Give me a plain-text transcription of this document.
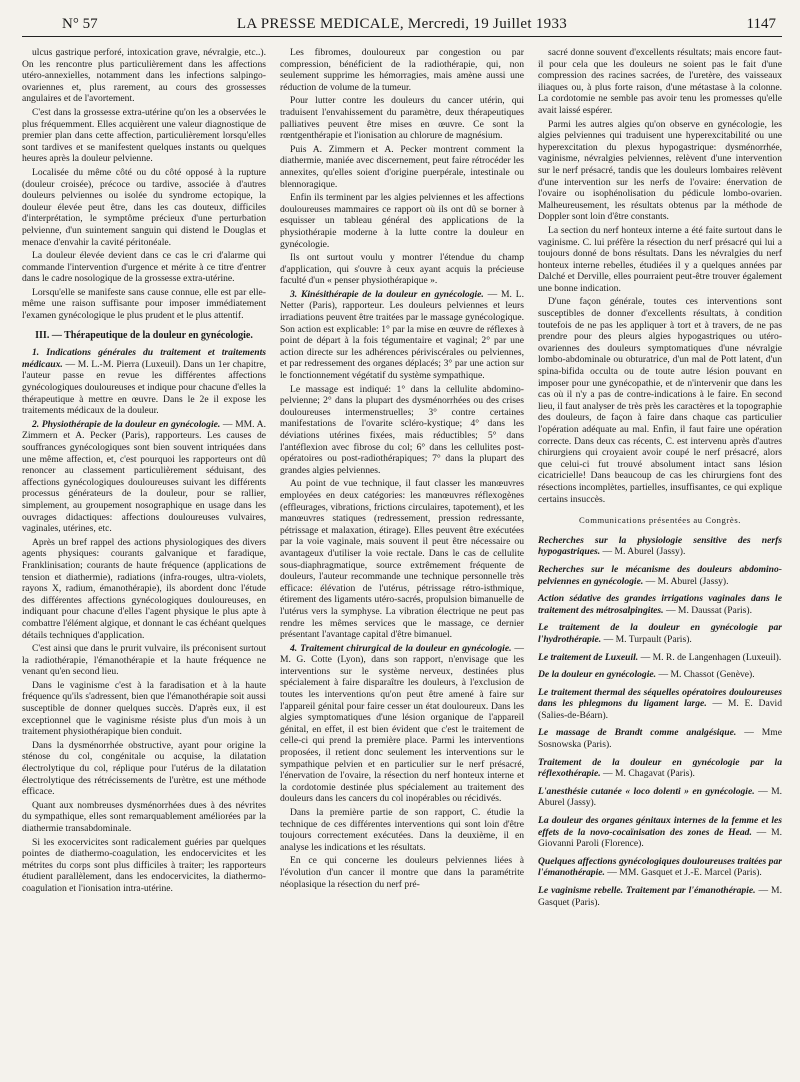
N° 57	LA PRESSE MEDICALE, Mercredi, 19 Juillet 1933	1147

ulcus gastrique perforé, intoxication grave, névralgie, etc..). On les rencontre plus particulièrement dans les affections utéro-annexielles, notamment dans les infections salpingo-ovariennes et, plus rarement, au cours des grossesses angulaires et de l'avortement.

C'est dans la grossesse extra-utérine qu'on les a observées le plus fréquemment. Elles acquièrent une valeur diagnostique de premier plan dans cette affection, particulièrement lorsqu'elles sont tardives et se manifestent quelques instants ou quelques heures après la douleur pelvienne.

Localisée du même côté ou du côté opposé à la rupture (douleur croisée), précoce ou tardive, associée à d'autres douleurs pelviennes ou isolée du syndrome ectopique, la douleur élevée peut être, dans les cas douteux, difficiles d'interprétation, le symptôme précieux d'une perturbation pelvienne, d'un suintement sanguin qui distend le Douglas et menace d'envahir la cavité péritonéale.

La douleur élevée devient dans ce cas le cri d'alarme qui commande l'intervention d'urgence et mérite à ce titre d'entrer dans le cadre nosologique de la grossesse extra-utérine.

Lorsqu'elle se manifeste sans cause connue, elle est par elle-même une raison suffisante pour imposer immédiatement l'examen gynécologique le plus prudent et le plus attentif.

III. — Thérapeutique de la douleur en gynécologie.

1. Indications générales du traitement et traitements médicaux. — M. L.-M. Pierra (Luxeuil). Dans un 1er chapitre, l'auteur passe en revue les différentes affections gynécologiques douloureuses et indique pour chacune d'elles la thérapeutique à mettre en œuvre. Dans le 2e il expose les traitements médicaux de la douleur.

2. Physiothérapie de la douleur en gynécologie. — MM. A. Zimmern et A. Pecker (Paris), rapporteurs. Les causes de souffrances gynécologiques sont bien souvent intriquées dans une même affection, et, c'est pourquoi les rapporteurs ont dû renoncer au classement particulièrement séduisant, des affections gynécologiques douloureuses suivant les différents processus générateurs de la douleur, pour se rallier, simplement, au groupement nosographique en usage dans les ouvrages didactiques: affections douloureuses vulvaires, vaginales, utérines, etc.

Après un bref rappel des actions physiologiques des divers agents physiques: courants galvanique et faradique, Franklinisation; courants de haute fréquence (applications de tension et diathermie), radiations (infra-rouges, ultra-violets, rayons X, radium, émanothérapie), ils abordent donc l'étude des différentes affections gynécologiques douloureuses, en indiquant pour chacune d'elles l'agent physique le plus apte à combattre l'élément algique, et donnant le cas échéant quelques détails techniques d'application.

C'est ainsi que dans le prurit vulvaire, ils préconisent surtout la radiothérapie, l'émanothérapie et la haute fréquence ne venant qu'en second lieu.

Dans le vaginisme c'est à la faradisation et à la haute fréquence qu'ils s'adressent, bien que l'émanothérapie soit aussi susceptible de donner quelques succès. D'après eux, il est exceptionnel que le vaginisme résiste plus d'un mois à un traitement physiothérapique bien conduit.

Dans la dysménorrhée obstructive, ayant pour origine la sténose du col, congénitale ou acquise, la dilatation électrolytique du col, réplique pour l'utérus de la dilatation électrolytique des rétrécissements de l'urètre, est une méthode efficace.

Quant aux nombreuses dysménorrhées dues à des névrites du sympathique, elles sont remarquablement améliorées par la diathermie transabdominale.

Si les exocervicites sont radicalement guéries par quelques pointes de diathermo-coagulation, les endocervicites et les métrites du corps sont plus difficiles à traiter; les rapporteurs étudient parallèlement, dans les endocervicites, la diathermo-coagulation et l'ionisation intra-utérine.

Les fibromes, douloureux par congestion ou par compression, bénéficient de la radiothérapie, qui, non seulement supprime les hémorragies, mais amène aussi une réduction de volume de la tumeur.

Pour lutter contre les douleurs du cancer utérin, qui traduisent l'envahissement du paramètre, deux thérapeutiques palliatives peuvent être mises en œuvre. Ce sont la rœntgenthérapie et l'ionisation au chlorure de magnésium.

Puis A. Zimmern et A. Pecker montrent comment la diathermie, maniée avec discernement, peut faire rétrocéder les annexites, qu'elles soient d'origine puerpérale, intestinale ou blennoragique.

Enfin ils terminent par les algies pelviennes et les affections douloureuses mammaires ce rapport où ils ont dû se borner à esquisser un tableau général des applications de la physiothérapie moderne à la lutte contre la douleur en gynécologie.

Ils ont surtout voulu y montrer l'étendue du champ d'application, qui s'ouvre à ceux ayant acquis la précieuse faculté d'un « penser physiothérapique ».

3. Kinésithérapie de la douleur en gynécologie. — M. L. Netter (Paris), rapporteur. Les douleurs pelviennes et leurs irradiations peuvent être traitées par le massage gynécologique. Son action est explicable: 1° par la mise en œuvre de réflexes à point de départ à la fois tégumentaire et vaginal; 2° par une action directe sur les adhérences périviscérales ou pelviennes, et par redressement des organes déplacés; 3° par une action sur le fonctionnement végétatif du système sympathique.

Le massage est indiqué: 1° dans la cellulite abdomino-pelvienne; 2° dans la plupart des dysménorrhées ou des crises douloureuses intermenstruelles; 3° contre certaines manifestations de l'ovarite scléro-kystique; 4° dans les déviations utérines fixées, mais réductibles; 5° dans l'antéflexion avec fibrose du col; 6° dans les cellulites post-opératoires ou post-radiothérapiques; 7° dans la plupart des grandes algies pelviennes.

Au point de vue technique, il faut classer les manœuvres employées en deux catégories: les manœuvres réflexogènes (effleurages, vibrations, frictions circulaires, tapotement), et les manœuvres statiques (redressement, pression redressante, pétrissage et malaxation, étirage). Elles peuvent être exécutées par la voie vaginale, mais souvent il peut être nécessaire ou avantageux d'utiliser la voie rectale. Dans le cas de cellulite sous-diaphragmatique, source extrêmement fréquente de douleurs, l'auteur recommande une technique personnelle très efficace: élévation de l'utérus, pétrissage rétro-isthmique, étirement des ligaments utéro-sacrés, propulsion bimanuelle de l'utérus vers la symphyse. La vibration électrique ne peut pas rendre les mêmes services que le massage, ce dernier présentant l'avantage capital d'être bimanuel.

4. Traitement chirurgical de la douleur en gynécologie. — M. G. Cotte (Lyon), dans son rapport, n'envisage que les interventions sur le système nerveux, destinées plus spécialement à faire disparaître les douleurs, à l'exclusion de toutes les interventions qu'on peut être amené à faire sur l'appareil génital pour faire cesser un état douloureux. Dans les algies symptomatiques d'une lésion organique de l'appareil génital, en effet, il est bien évident que c'est le traitement de celle-ci qui prend la première place. Parmi les interventions proposées, il retient donc seulement les interventions sur le sympathique pelvien et en particulier sur le nerf présacré, l'énervation de l'ovaire, la résection du nerf honteux interne et la cordotomie destinée plus spécialement au traitement des douleurs dans les cancers du col inopérables ou récidivés.

Dans la première partie de son rapport, C. étudie la technique de ces différentes interventions qui sont loin d'être toujours correctement exécutées. Dans la deuxième, il en analyse les indications et les résultats.

En ce qui concerne les douleurs pelviennes liées à l'évolution d'un cancer il montre que dans la paramétrite néoplasique la résection du nerf pré-

sacré donne souvent d'excellents résultats; mais encore faut-il pour cela que les douleurs ne soient pas le fait d'une compression des racines sacrées, de l'uretère, des vaisseaux iliaques ou, à plus forte raison, d'une métastase à la colonne. La cordotomie ne semble pas avoir tenu les promesses qu'elle avait laissé espérer.

Parmi les autres algies qu'on observe en gynécologie, les algies pelviennes qui traduisent une hyperexcitabilité ou une hyperexcitation du plexus hypogastrique: dysménorrhée, vaginisme, névralgies pelviennes, relèvent d'une intervention sur le nerf présacré, tandis que les douleurs lombaires relèvent d'une intervention sur les nerfs de l'ovaire: énervation de l'ovaire ou isophénolisation du pédicule lombo-ovarien. Malheureusement, les résultats obtenus par la méthode de Doppler sont loin d'être constants.

La section du nerf honteux interne a été faite surtout dans le vaginisme. C. lui préfère la résection du nerf présacré qui lui a toujours donné de bons résultats. Dans les névralgies du nerf honteux interne rebelles, étudiées il y a quelques années par Dalché et Derville, elles pourraient peut-être trouver également une bonne indication.

D'une façon générale, toutes ces interventions sont susceptibles de donner d'excellents résultats, à condition toutefois de ne pas les appliquer à tort et à travers, de ne pas prendre pour des pleurs algies hypogastriques ou utéro-ovariennes des douleurs symptomatiques d'une névralgie lombo-abdominale ou obturatrice, d'un mal de Pott latent, d'un spina-bifida occulta ou de toute autre lésion pouvant en imposer pour une gynécopathie, et de n'intervenir que dans les cas où il n'y a pas de contre-indications à le faire. En second lieu, il faut analyser de très près les caractères et la topographie des douleurs, de façon à faire dans chaque cas particulier l'opération adéquate au mal. Enfin, il faut faire une opération correcte. Dans deux cas récents, C. est intervenu après d'autres chirurgiens qui croyaient avoir coupé le nerf présacré, alors que celui-ci fut trouvé absolument intact sans lésion cicatricielle! Dans beaucoup de cas les chirurgiens font des résections incomplètes, partielles, insuffisantes, ce qui explique certains insuccès.

Communications présentées au Congrès.
Recherches sur la physiologie sensitive des nerfs hypogastriques. — M. Aburel (Jassy).
Recherches sur le mécanisme des douleurs abdomino-pelviennes en gynécologie. — M. Aburel (Jassy).
Action sédative des grandes irrigations vaginales dans le traitement des métrosalpingites. — M. Daussat (Paris).
Le traitement de la douleur en gynécologie par l'hydrothérapie. — M. Turpault (Paris).
Le traitement de Luxeuil. — M. R. de Langenhagen (Luxeuil).
De la douleur en gynécologie. — M. Chassot (Genève).
Le traitement thermal des séquelles opératoires douloureuses dans les phlegmons du ligament large. — M. E. David (Salies-de-Béarn).
Le massage de Brandt comme analgésique. — Mme Sosnowska (Paris).
Traitement de la douleur en gynécologie par la réflexothérapie. — M. Chagavat (Paris).
L'anesthésie cutanée « loco dolenti » en gynécologie. — M. Aburel (Jassy).
La douleur des organes génitaux internes de la femme et les effets de la novo-cocaïnisation des zones de Head. — M. Giovanni Paroli (Florence).
Quelques affections gynécologiques douloureuses traitées par l'émanothérapie. — MM. Gasquet et J.-E. Marcel (Paris).
Le vaginisme rebelle. Traitement par l'émanothérapie. — M. Gasquet (Paris).
